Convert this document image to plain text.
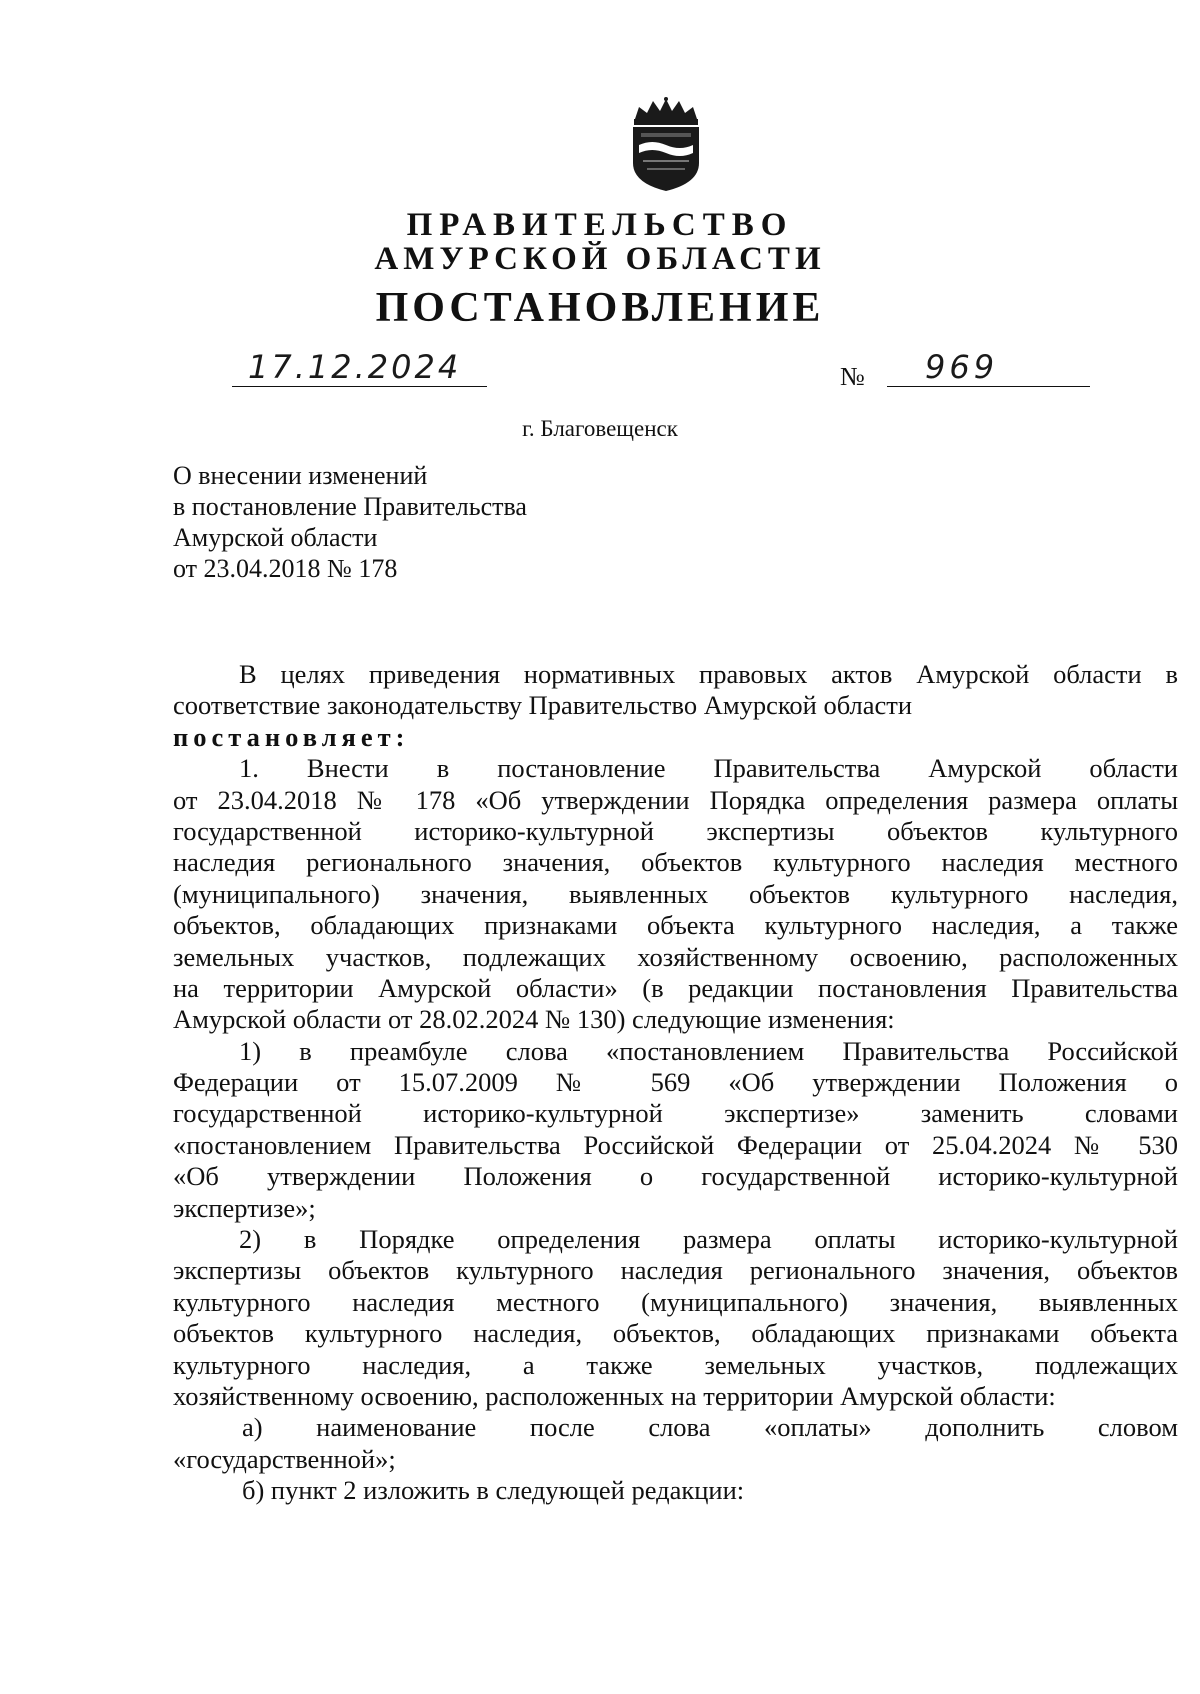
ПРАВИТЕЛЬСТВО
АМУРСКОЙ ОБЛАСТИ
ПОСТАНОВЛЕНИЕ
17.12.2024	№ 969
г. Благовещенск
О внесении изменений
в постановление Правительства
Амурской области
от 23.04.2018 № 178
В целях приведения нормативных правовых актов Амурской области в
соответствие законодательству Правительство Амурской области
постановляет:
1. Внести в постановление Правительства Амурской области
от 23.04.2018 № 178 «Об утверждении Порядка определения размера оплаты
государственной историко-культурной экспертизы объектов культурного
наследия регионального значения, объектов культурного наследия местного
(муниципального) значения, выявленных объектов культурного наследия,
объектов, обладающих признаками объекта культурного наследия, а также
земельных участков, подлежащих хозяйственному освоению, расположенных
на территории Амурской области» (в редакции постановления Правительства
Амурской области от 28.02.2024 № 130) следующие изменения:
1) в преамбуле слова «постановлением Правительства Российской
Федерации от 15.07.2009 № 569 «Об утверждении Положения о
государственной историко-культурной экспертизе» заменить словами
«постановлением Правительства Российской Федерации от 25.04.2024 № 530
«Об утверждении Положения о государственной историко-культурной
экспертизе»;
2) в Порядке определения размера оплаты историко-культурной
экспертизы объектов культурного наследия регионального значения, объектов
культурного наследия местного (муниципального) значения, выявленных
объектов культурного наследия, объектов, обладающих признаками объекта
культурного наследия, а также земельных участков, подлежащих
хозяйственному освоению, расположенных на территории Амурской области:
а) наименование после слова «оплаты» дополнить словом
«государственной»;
б) пункт 2 изложить в следующей редакции:
